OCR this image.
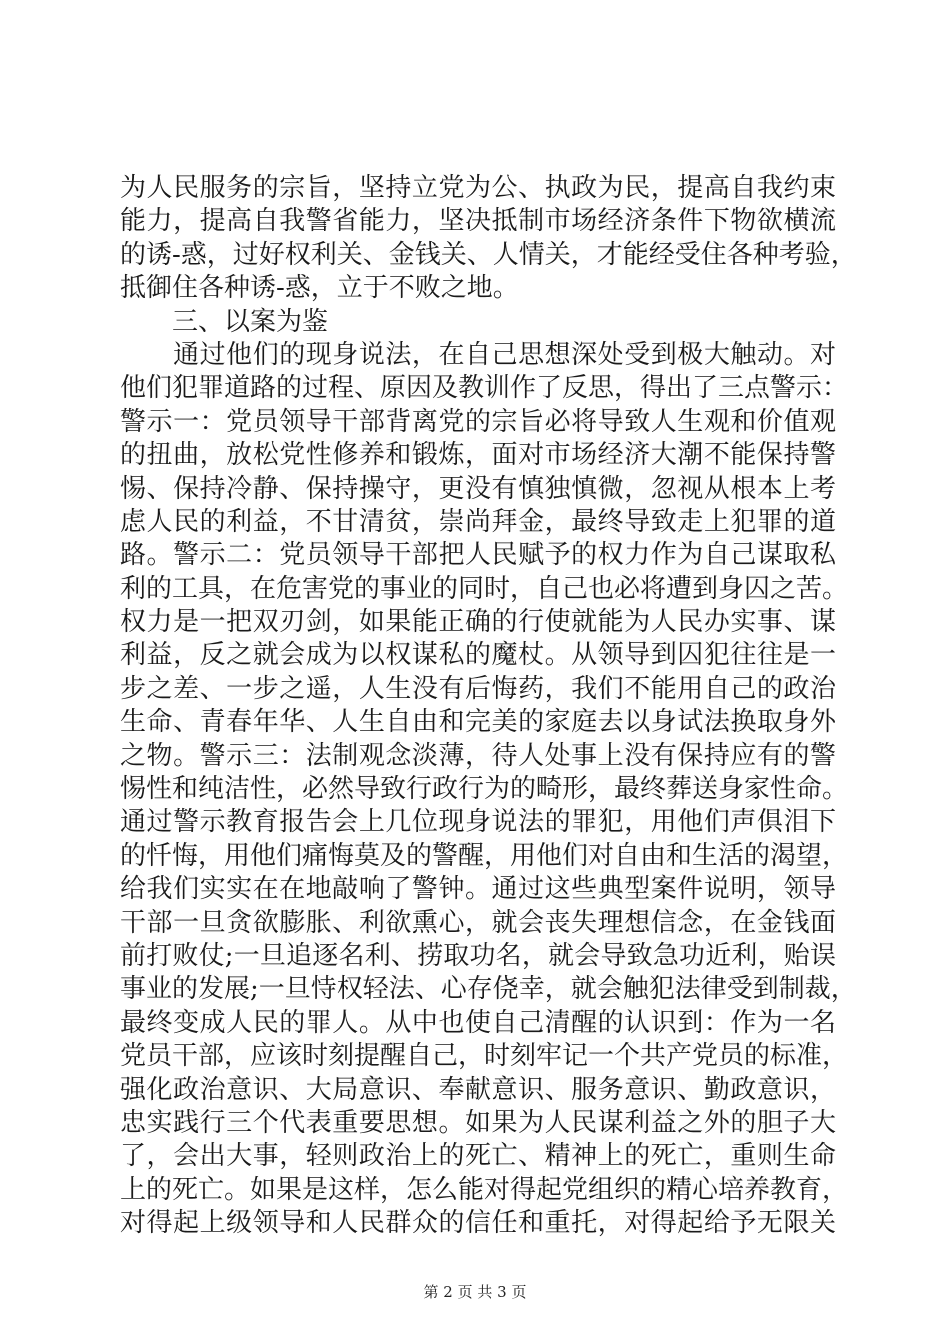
为人民服务的宗旨，坚持立党为公、执政为民，提高自我约束
能力，提高自我警省能力，坚决抵制市场经济条件下物欲横流
的诱-惑，过好权利关、金钱关、人情关，才能经受住各种考验，
抵御住各种诱-惑，立于不败之地。
　　三、以案为鉴
　　通过他们的现身说法，在自己思想深处受到极大触动。对
他们犯罪道路的过程、原因及教训作了反思，得出了三点警示：
警示一：党员领导干部背离党的宗旨必将导致人生观和价值观
的扭曲，放松党性修养和锻炼，面对市场经济大潮不能保持警
惕、保持冷静、保持操守，更没有慎独慎微，忽视从根本上考
虑人民的利益，不甘清贫，崇尚拜金，最终导致走上犯罪的道
路。警示二：党员领导干部把人民赋予的权力作为自己谋取私
利的工具，在危害党的事业的同时，自己也必将遭到身囚之苦。
权力是一把双刃剑，如果能正确的行使就能为人民办实事、谋
利益，反之就会成为以权谋私的魔杖。从领导到囚犯往往是一
步之差、一步之遥，人生没有后悔药，我们不能用自己的政治
生命、青春年华、人生自由和完美的家庭去以身试法换取身外
之物。警示三：法制观念淡薄，待人处事上没有保持应有的警
惕性和纯洁性，必然导致行政行为的畸形，最终葬送身家性命。
通过警示教育报告会上几位现身说法的罪犯，用他们声俱泪下
的忏悔，用他们痛悔莫及的警醒，用他们对自由和生活的渴望，
给我们实实在在地敲响了警钟。通过这些典型案件说明，领导
干部一旦贪欲膨胀、利欲熏心，就会丧失理想信念，在金钱面
前打败仗;一旦追逐名利、捞取功名，就会导致急功近利，贻误
事业的发展;一旦恃权轻法、心存侥幸，就会触犯法律受到制裁，
最终变成人民的罪人。从中也使自己清醒的认识到：作为一名
党员干部，应该时刻提醒自己，时刻牢记一个共产党员的标准，
强化政治意识、大局意识、奉献意识、服务意识、勤政意识，
忠实践行三个代表重要思想。如果为人民谋利益之外的胆子大
了，会出大事，轻则政治上的死亡、精神上的死亡，重则生命
上的死亡。如果是这样，怎么能对得起党组织的精心培养教育，
对得起上级领导和人民群众的信任和重托，对得起给予无限关
第 2 页 共 3 页
